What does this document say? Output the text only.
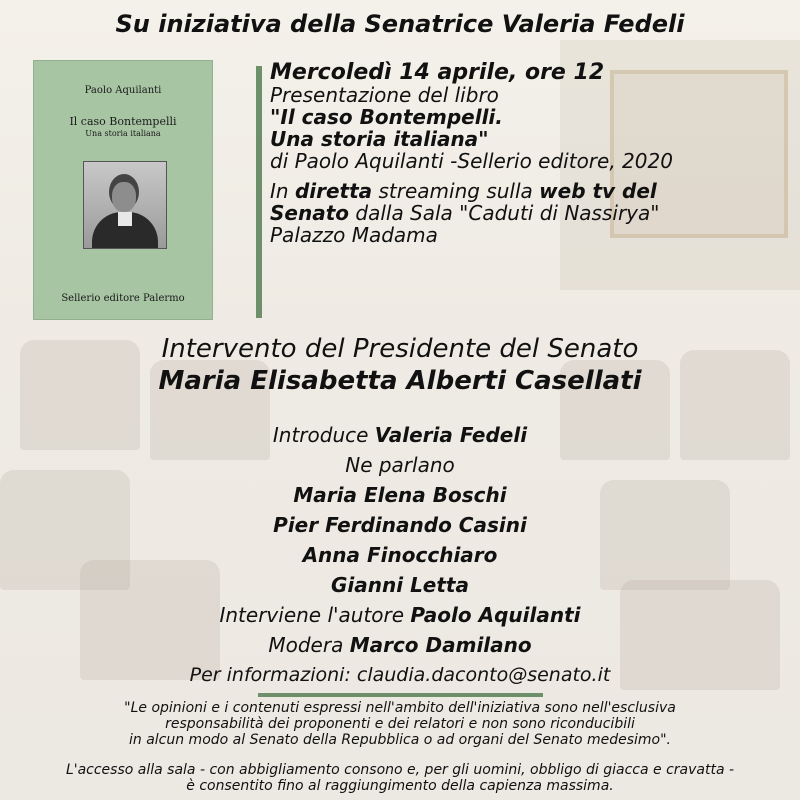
Su iniziativa della Senatrice Valeria Fedeli
Paolo Aquilanti
Il caso Bontempelli
Una storia italiana
Sellerio editore Palermo
Mercoledì 14 aprile, ore 12
Presentazione del libro
"Il caso Bontempelli.
Una storia italiana"
di Paolo Aquilanti -Sellerio editore, 2020
In diretta streaming sulla web tv del
Senato dalla Sala "Caduti di Nassirya"
Palazzo Madama
Intervento del Presidente del Senato
Maria Elisabetta Alberti Casellati
Introduce Valeria Fedeli
Ne parlano
Maria Elena Boschi
Pier Ferdinando Casini
Anna Finocchiaro
Gianni Letta
Interviene l'autore Paolo Aquilanti
Modera Marco Damilano
Per informazioni: claudia.daconto@senato.it
"Le opinioni e i contenuti espressi nell'ambito dell'iniziativa sono nell'esclusiva
responsabilità dei proponenti e dei relatori e non sono riconducibili
in alcun modo al Senato della Repubblica o ad organi del Senato medesimo".
L'accesso alla sala - con abbigliamento consono e, per gli uomini, obbligo di giacca e cravatta -
è consentito fino al raggiungimento della capienza massima.
